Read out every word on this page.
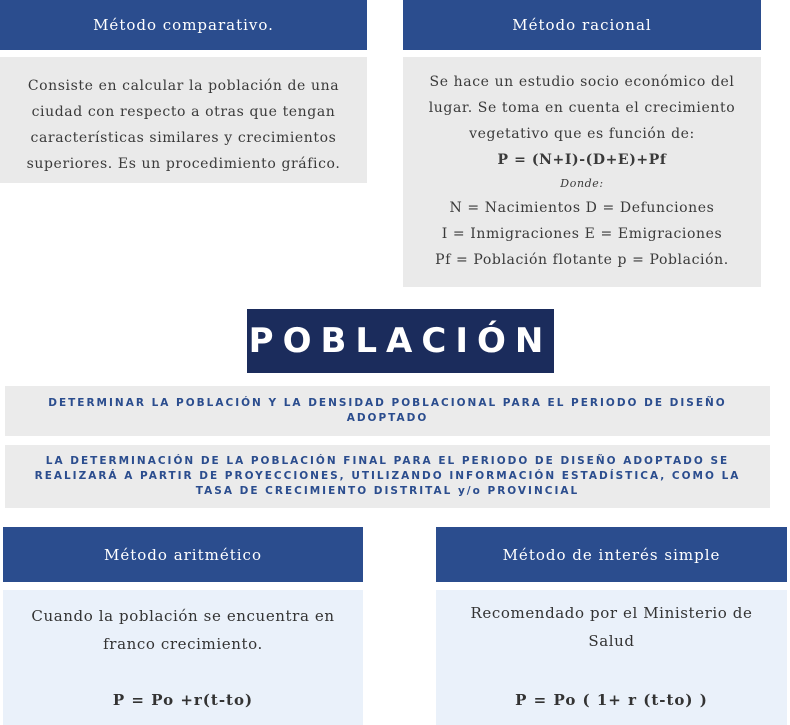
Método comparativo.
Consiste en calcular la población de una
ciudad con respecto a otras que tengan
características similares y crecimientos
superiores. Es un procedimiento gráfico.
Método racional
Se hace un estudio socio económico del
lugar. Se toma en cuenta el crecimiento
vegetativo que es función de:
P = (N+I)-(D+E)+Pf
Donde:
N = Nacimientos D = Defunciones
I = Inmigraciones E = Emigraciones
Pf = Población flotante p = Población.
POBLACIÓN
DETERMINAR LA POBLACIÓN Y LA DENSIDAD POBLACIONAL PARA EL PERIODO DE DISEÑO
ADOPTADO
LA DETERMINACIÓN DE LA POBLACIÓN FINAL PARA EL PERIODO DE DISEÑO ADOPTADO SE
REALIZARÁ A PARTIR DE PROYECCIONES, UTILIZANDO INFORMACIÓN ESTADÍSTICA, COMO LA
TASA DE CRECIMIENTO DISTRITAL y/o PROVINCIAL
Método aritmético
Cuando la población se encuentra en
franco crecimiento.
P = Po +r(t-to)
Método de interés simple
Recomendado por el Ministerio de
Salud
P = Po ( 1+ r (t-to) )
